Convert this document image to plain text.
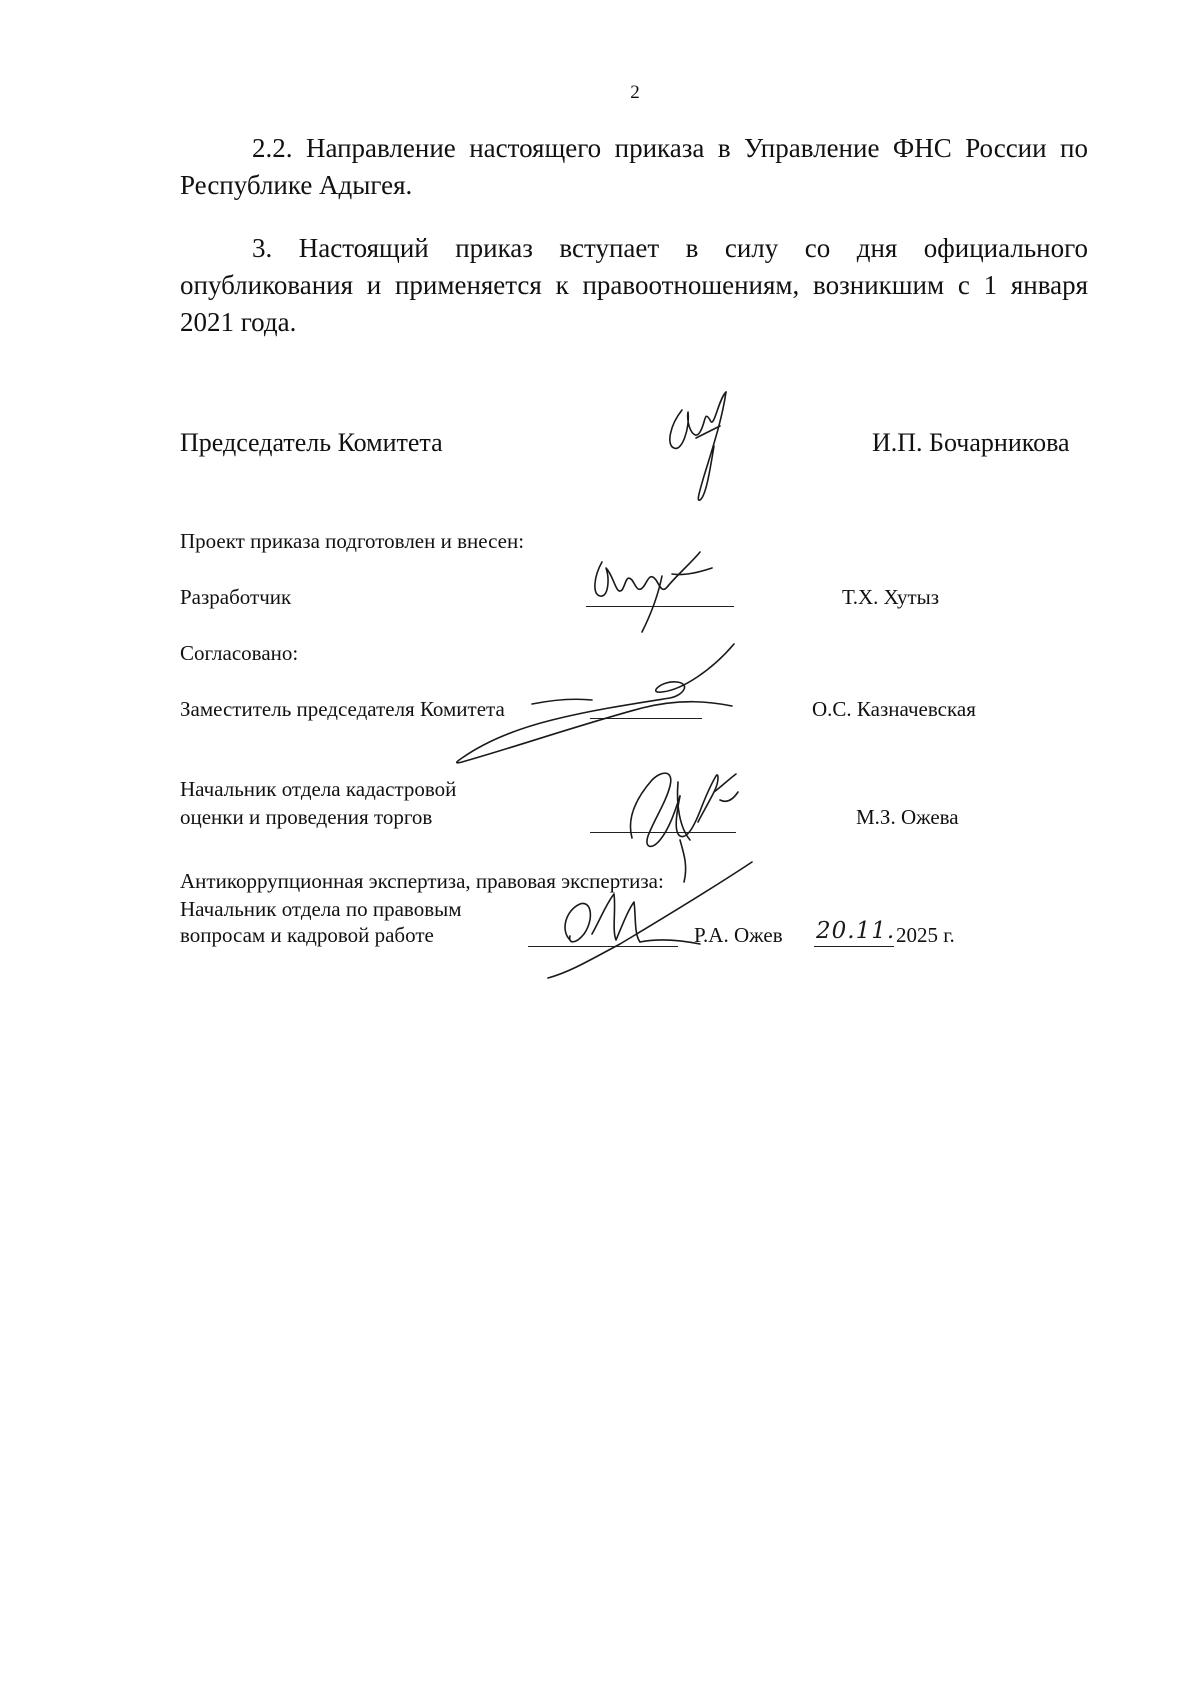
2

2.2. Направление настоящего приказа в Управление ФНС России по Республике Адыгея.

3. Настоящий приказ вступает в силу со дня официального опубликования и применяется к правоотношениям, возникшим с 1 января 2021 года.

Председатель Комитета	И.П. Бочарникова
Проект приказа подготовлен и внесен:
Разработчик	Т.Х. Хутыз
Согласовано:
Заместитель председателя Комитета	О.С. Казначевская
Начальник отдела кадастровой
оценки и проведения торгов	М.З. Ожева
Антикоррупционная экспертиза, правовая экспертиза:
Начальник отдела по правовым
вопросам и кадровой работе	Р.А. Ожев 20.11. 2025 г.
